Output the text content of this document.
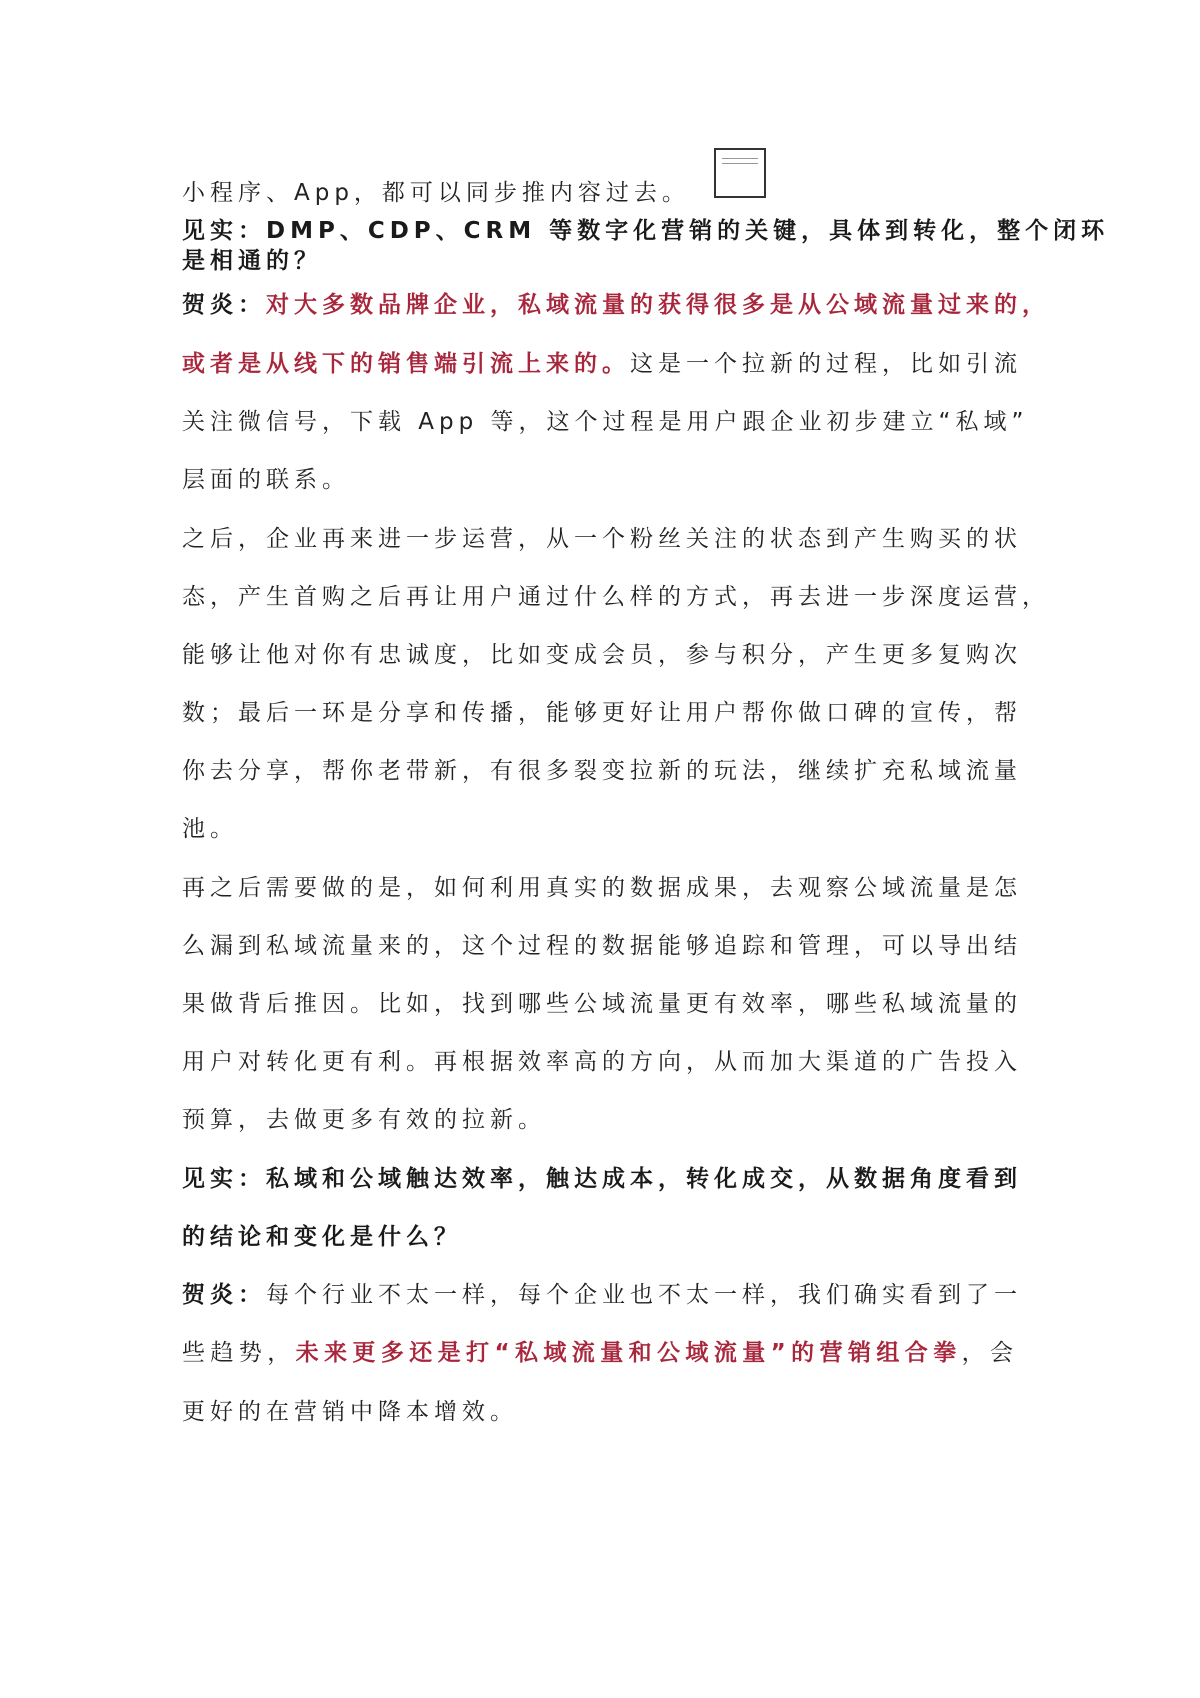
小程序、App，都可以同步推内容过去。
见实：DMP、CDP、CRM 等数字化营销的关键，具体到转化，整个闭环
是相通的？
贺炎：对大多数品牌企业，私域流量的获得很多是从公域流量过来的，
或者是从线下的销售端引流上来的。这是一个拉新的过程，比如引流
关注微信号，下载 App 等，这个过程是用户跟企业初步建立“私域”
层面的联系。
之后，企业再来进一步运营，从一个粉丝关注的状态到产生购买的状
态，产生首购之后再让用户通过什么样的方式，再去进一步深度运营，
能够让他对你有忠诚度，比如变成会员，参与积分，产生更多复购次
数；最后一环是分享和传播，能够更好让用户帮你做口碑的宣传，帮
你去分享，帮你老带新，有很多裂变拉新的玩法，继续扩充私域流量
池。
再之后需要做的是，如何利用真实的数据成果，去观察公域流量是怎
么漏到私域流量来的，这个过程的数据能够追踪和管理，可以导出结
果做背后推因。比如，找到哪些公域流量更有效率，哪些私域流量的
用户对转化更有利。再根据效率高的方向，从而加大渠道的广告投入
预算，去做更多有效的拉新。
见实：私域和公域触达效率，触达成本，转化成交，从数据角度看到
的结论和变化是什么？
贺炎：每个行业不太一样，每个企业也不太一样，我们确实看到了一
些趋势，未来更多还是打“私域流量和公域流量”的营销组合拳，会
更好的在营销中降本增效。
